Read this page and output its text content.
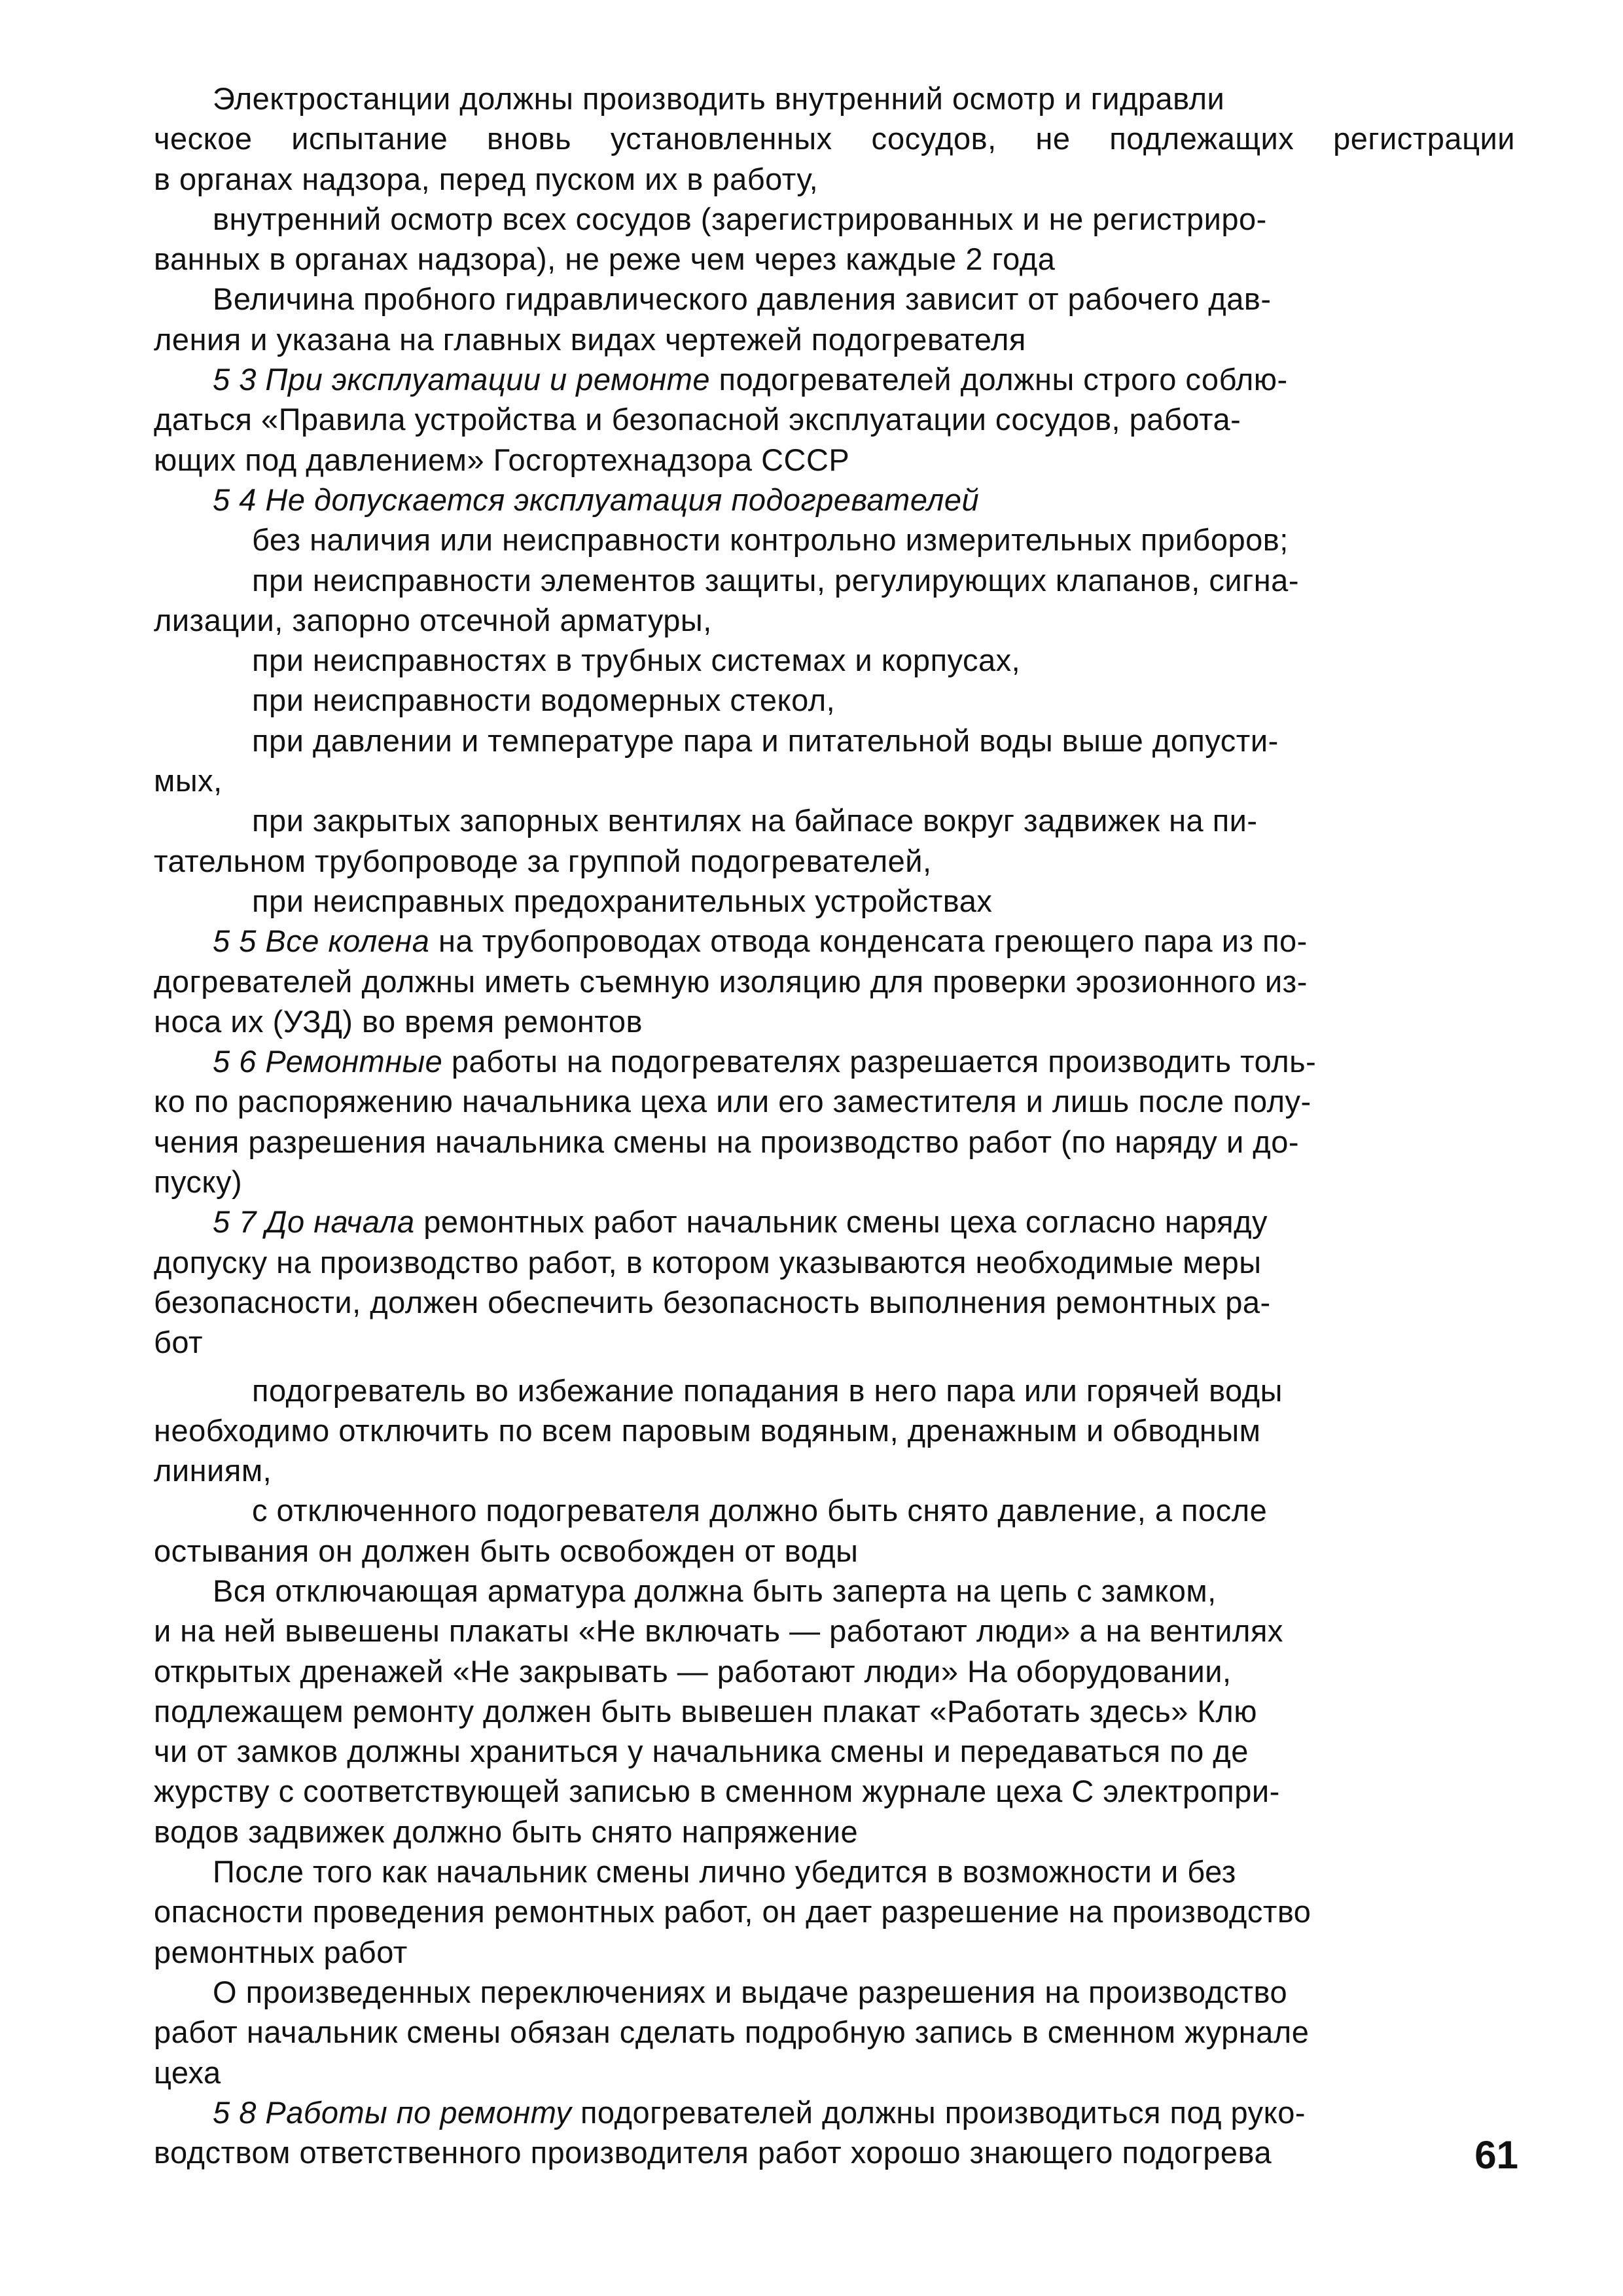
Электростанции должны производить внутренний осмотр и гидравли
ческое испытание вновь установленных сосудов, не подлежащих регистрации
в органах надзора, перед пуском их в работу,
внутренний осмотр всех сосудов (зарегистрированных и не регистриро-
ванных в органах надзора), не реже чем через каждые 2 года
Величина пробного гидравлического давления зависит от рабочего дав-
ления и указана на главных видах чертежей подогревателя
5 3 При эксплуатации и ремонте подогревателей должны строго соблю-
даться «Правила устройства и безопасной эксплуатации сосудов, работа-
ющих под давлением» Госгортехнадзора СССР
5 4 Не допускается эксплуатация подогревателей
без наличия или неисправности контрольно измерительных приборов;
при неисправности элементов защиты, регулирующих клапанов, сигна-
лизации, запорно отсечной арматуры,
при неисправностях в трубных системах и корпусах,
при неисправности водомерных стекол,
при давлении и температуре пара и питательной воды выше допусти-
мых,
при закрытых запорных вентилях на байпасе вокруг задвижек на пи-
тательном трубопроводе за группой подогревателей,
при неисправных предохранительных устройствах
5 5 Все колена на трубопроводах отвода конденсата греющего пара из по-
догревателей должны иметь съемную изоляцию для проверки эрозионного из-
носа их (УЗД) во время ремонтов
5 6 Ремонтные работы на подогревателях разрешается производить толь-
ко по распоряжению начальника цеха или его заместителя и лишь после полу-
чения разрешения начальника смены на производство работ (по наряду и до-
пуску)
5 7 До начала ремонтных работ начальник смены цеха согласно наряду
допуску на производство работ, в котором указываются необходимые меры
безопасности, должен обеспечить безопасность выполнения ремонтных ра-
бот
подогреватель во избежание попадания в него пара или горячей воды
необходимо отключить по всем паровым водяным, дренажным и обводным
линиям,
с отключенного подогревателя должно быть снято давление, а после
остывания он должен быть освобожден от воды
Вся отключающая арматура должна быть заперта на цепь с замком,
и на ней вывешены плакаты «Не включать — работают люди» а на вентилях
открытых дренажей «Не закрывать — работают люди» На оборудовании,
подлежащем ремонту должен быть вывешен плакат «Работать здесь» Клю
чи от замков должны храниться у начальника смены и передаваться по де
журству с соответствующей записью в сменном журнале цеха С электропри-
водов задвижек должно быть снято напряжение
После того как начальник смены лично убедится в возможности и без
опасности проведения ремонтных работ, он дает разрешение на производство
ремонтных работ
О произведенных переключениях и выдаче разрешения на производство
работ начальник смены обязан сделать подробную запись в сменном журнале
цеха
5 8 Работы по ремонту подогревателей должны производиться под руко-
водством ответственного производителя работ хорошо знающего подогрева	61
